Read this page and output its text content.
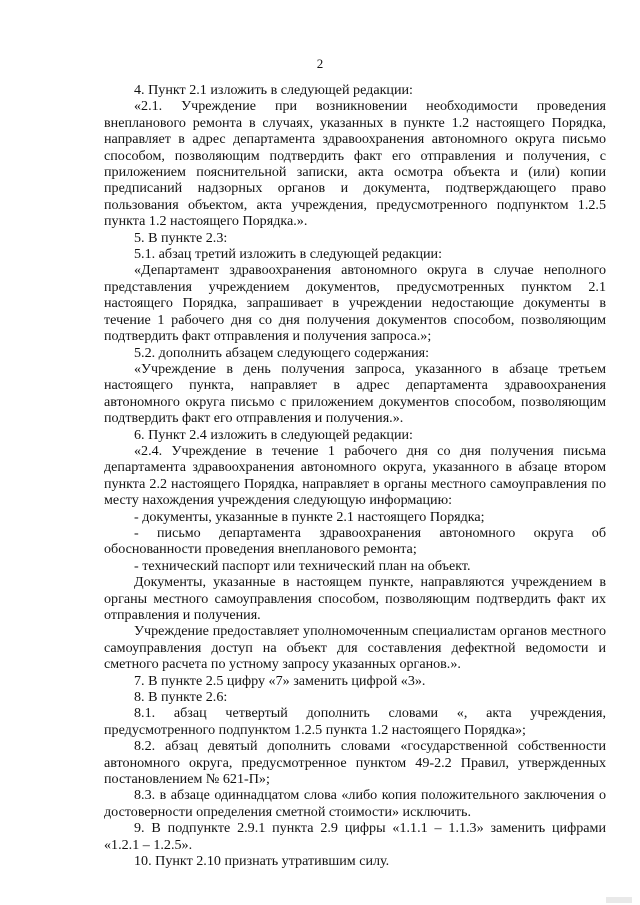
2

4. Пункт 2.1 изложить в следующей редакции:

«2.1. Учреждение при возникновении необходимости проведения внепланового ремонта в случаях, указанных в пункте 1.2 настоящего Порядка, направляет в адрес департамента здравоохранения автономного округа письмо способом, позволяющим подтвердить факт его отправления и получения, с приложением пояснительной записки, акта осмотра объекта и (или) копии предписаний надзорных органов и документа, подтверждающего право пользования объектом, акта учреждения, предусмотренного подпунктом 1.2.5 пункта 1.2 настоящего Порядка.».

5. В пункте 2.3:

5.1. абзац третий изложить в следующей редакции:

«Департамент здравоохранения автономного округа в случае неполного представления учреждением документов, предусмотренных пунктом 2.1 настоящего Порядка, запрашивает в учреждении недостающие документы в течение 1 рабочего дня со дня получения документов способом, позволяющим подтвердить факт отправления и получения запроса.»;

5.2. дополнить абзацем следующего содержания:

«Учреждение в день получения запроса, указанного в абзаце третьем настоящего пункта, направляет в адрес департамента здравоохранения автономного округа письмо с приложением документов способом, позволяющим подтвердить факт его отправления и получения.».

6. Пункт 2.4 изложить в следующей редакции:

«2.4. Учреждение в течение 1 рабочего дня со дня получения письма департамента здравоохранения автономного округа, указанного в абзаце втором пункта 2.2 настоящего Порядка, направляет в органы местного самоуправления по месту нахождения учреждения следующую информацию:

- документы, указанные в пункте 2.1 настоящего Порядка;

- письмо департамента здравоохранения автономного округа об обоснованности проведения внепланового ремонта;

- технический паспорт или технический план на объект.

Документы, указанные в настоящем пункте, направляются учреждением в органы местного самоуправления способом, позволяющим подтвердить факт их отправления и получения.

Учреждение предоставляет уполномоченным специалистам органов местного самоуправления доступ на объект для составления дефектной ведомости и сметного расчета по устному запросу указанных органов.».

7. В пункте 2.5 цифру «7» заменить цифрой «3».

8. В пункте 2.6:

8.1. абзац четвертый дополнить словами «, акта учреждения, предусмотренного подпунктом 1.2.5 пункта 1.2 настоящего Порядка»;

8.2. абзац девятый дополнить словами «государственной собственности автономного округа, предусмотренное пунктом 49-2.2 Правил, утвержденных постановлением № 621-П»;

8.3. в абзаце одиннадцатом слова «либо копия положительного заключения о достоверности определения сметной стоимости» исключить.

9. В подпункте 2.9.1 пункта 2.9 цифры «1.1.1 – 1.1.3» заменить цифрами «1.2.1 – 1.2.5».

10. Пункт 2.10 признать утратившим силу.
